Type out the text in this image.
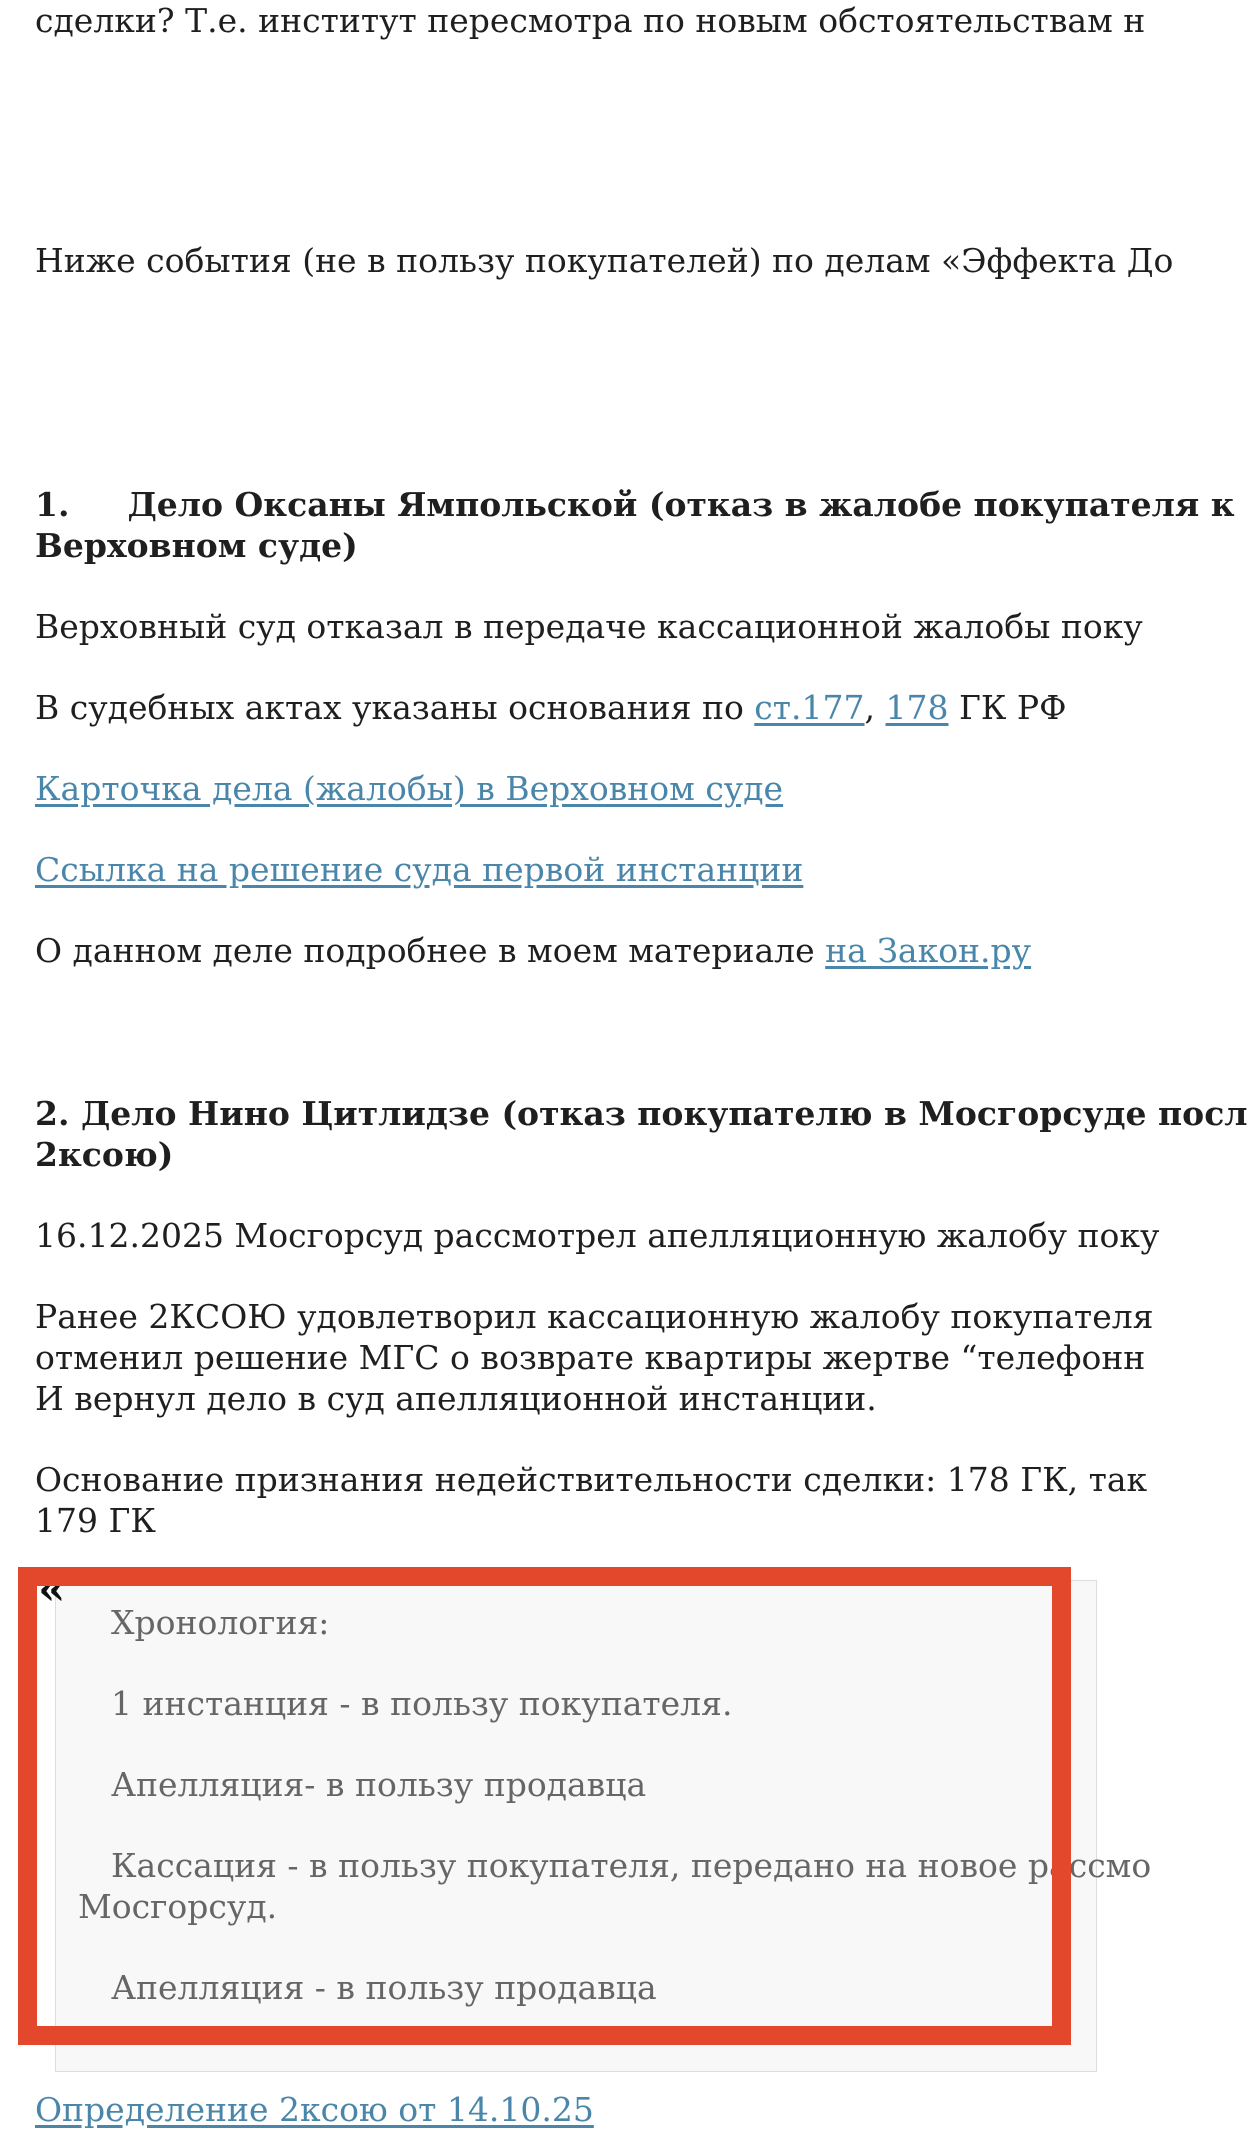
сделки? Т.е. институт пересмотра по новым обстоятельствам н
Ниже события (не в пользу покупателей) по делам «Эффекта До
1. Дело Оксаны Ямпольской (отказ в жалобе покупателя к
Верховном суде)
Верховный суд отказал в передаче кассационной жалобы поку
В судебных актах указаны основания по ст.177, 178 ГК РФ
Карточка дела (жалобы) в Верховном суде
Ссылка на решение суда первой инстанции
О данном деле подробнее в моем материале на Закон.ру
2. Дело Нино Цитлидзе (отказ покупателю в Мосгорсуде посл
2ксою)
16.12.2025 Мосгорсуд рассмотрел апелляционную жалобу поку
Ранее 2КСОЮ удовлетворил кассационную жалобу покупателя
отменил решение МГС о возврате квартиры жертве “телефонн
И вернул дело в суд апелляционной инстанции.
Основание признания недействительности сделки: 178 ГК, так
179 ГК
«
Хронология:
1 инстанция - в пользу покупателя.
Апелляция- в пользу продавца
Кассация - в пользу покупателя, передано на новое рассмо
Мосгорсуд.
Апелляция - в пользу продавца
Определение 2ксою от 14.10.25
